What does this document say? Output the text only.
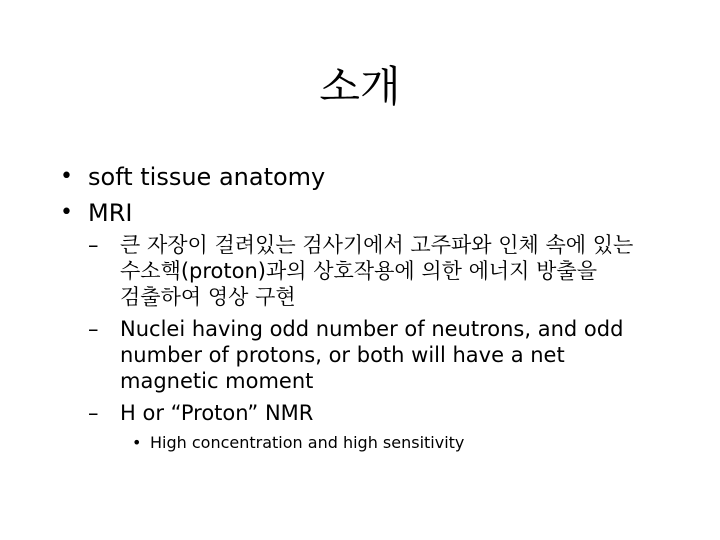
소개
• soft tissue anatomy
• MRI
–	큰 자장이 걸려있는 검사기에서 고주파와 인체 속에 있는 수소핵(proton)과의 상호작용에 의한 에너지 방출을 검출하여 영상 구현
–	Nuclei having odd number of neutrons, and odd number of protons, or both will have a net magnetic moment
–	H or “Proton” NMR
• High concentration and high sensitivity
